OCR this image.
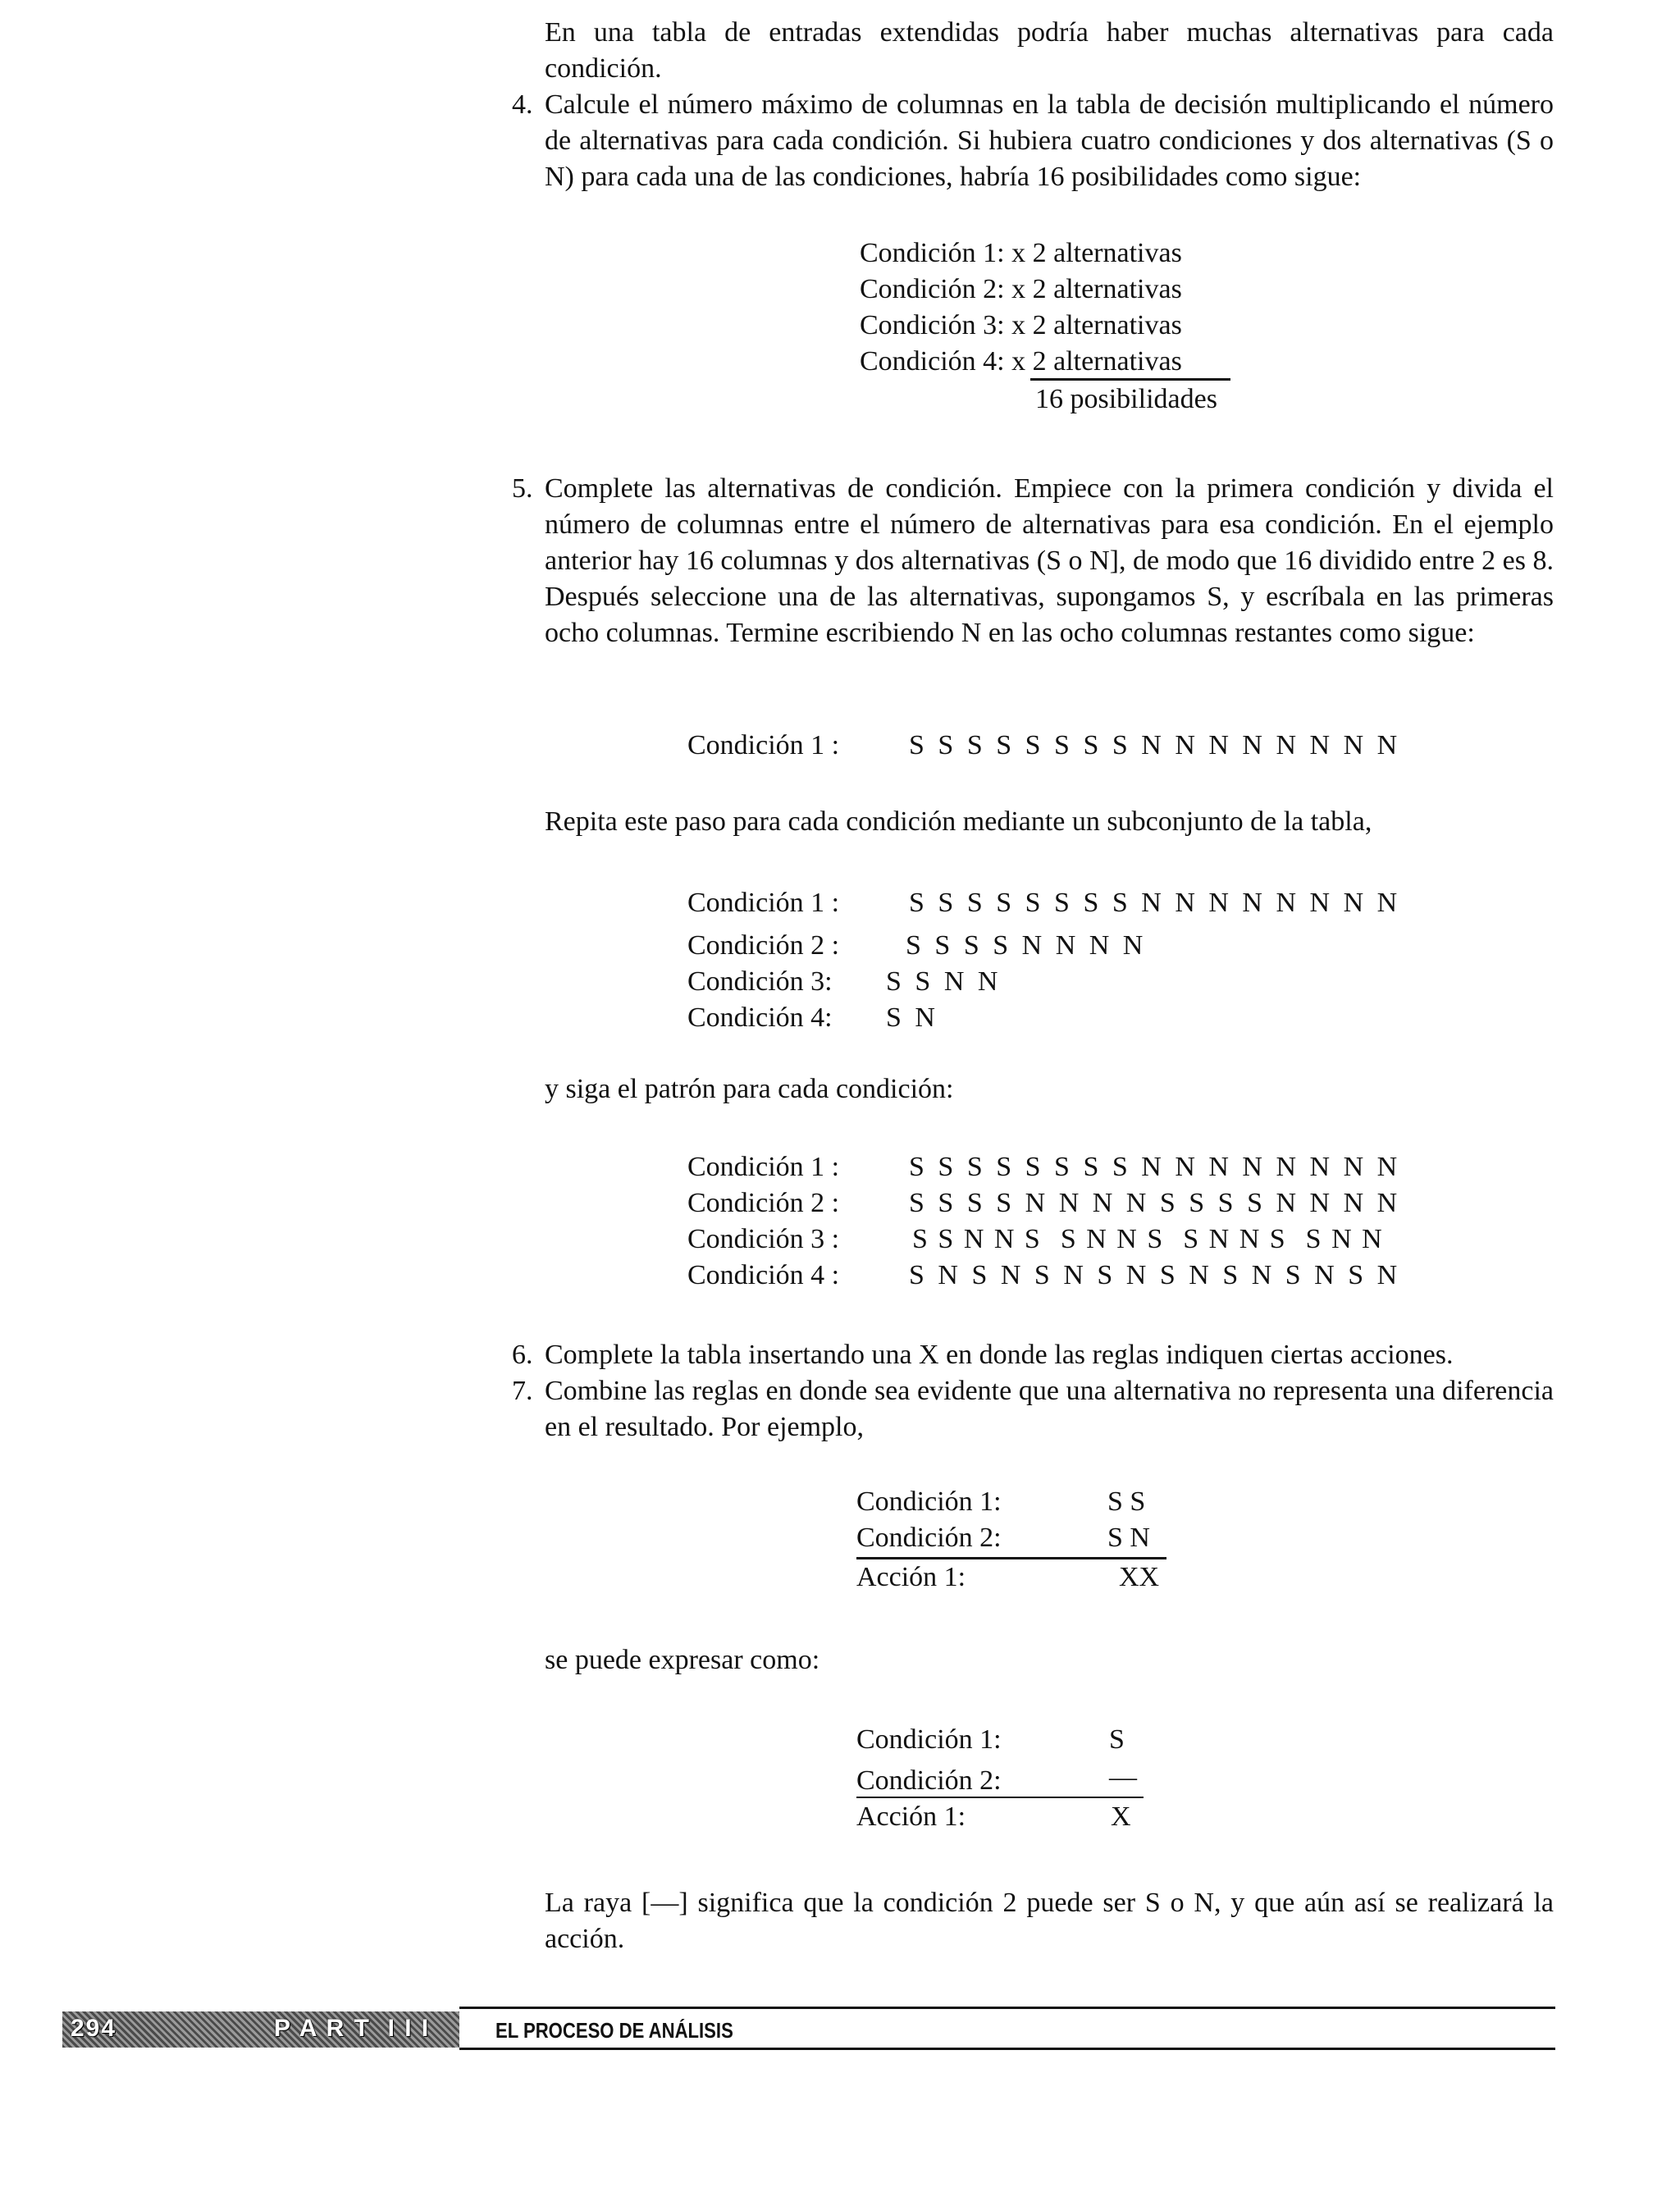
En una tabla de entradas extendidas podría haber muchas alternativas para cada condición.
4. Calcule el número máximo de columnas en la tabla de decisión multiplicando el número de alternativas para cada condición. Si hubiera cuatro condiciones y dos alternativas (S o N) para cada una de las condiciones, habría 16 posibilidades como sigue:
Condición 1: x 2 alternativas
Condición 2: x 2 alternativas
Condición 3: x 2 alternativas
Condición 4: x 2 alternativas
16 posibilidades
5. Complete las alternativas de condición. Empiece con la primera condición y divida el número de columnas entre el número de alternativas para esa condición. En el ejemplo anterior hay 16 columnas y dos alternativas (S o N], de modo que 16 dividido entre 2 es 8. Después seleccione una de las alternativas, supongamos S, y escríbala en las primeras ocho columnas. Termine escribiendo N en las ocho columnas restantes como sigue:
Condición 1 : S S S S S S S S N N N N N N N N
Repita este paso para cada condición mediante un subconjunto de la tabla,
Condición 1 : S S S S S S S S N N N N N N N N
Condición 2 : S S S S N N N N
Condición 3: S S N N
Condición 4: S N
y siga el patrón para cada condición:
Condición 1 : S S S S S S S S N N N N N N N N
Condición 2 : S S S S N N N N S S S S N N N N
Condición 3 :	S S N N S  S N N S  S N N S  S N N
Condición 4 : S N S N S N S N S N S N S N S N
6. Complete la tabla insertando una X en donde las reglas indiquen ciertas acciones.
7. Combine las reglas en donde sea evidente que una alternativa no representa una diferencia en el resultado. Por ejemplo,
Condición 1:	S S
Condición 2:	S N
Acción 1:	XX
se puede expresar como:
Condición 1:	S
Condición 2:	—
Acción 1:	X
La raya [—] significa que la condición 2 puede ser S o N, y que aún así se realizará la acción.
294	P A R T  I I I	EL PROCESO DE ANÁLISIS
